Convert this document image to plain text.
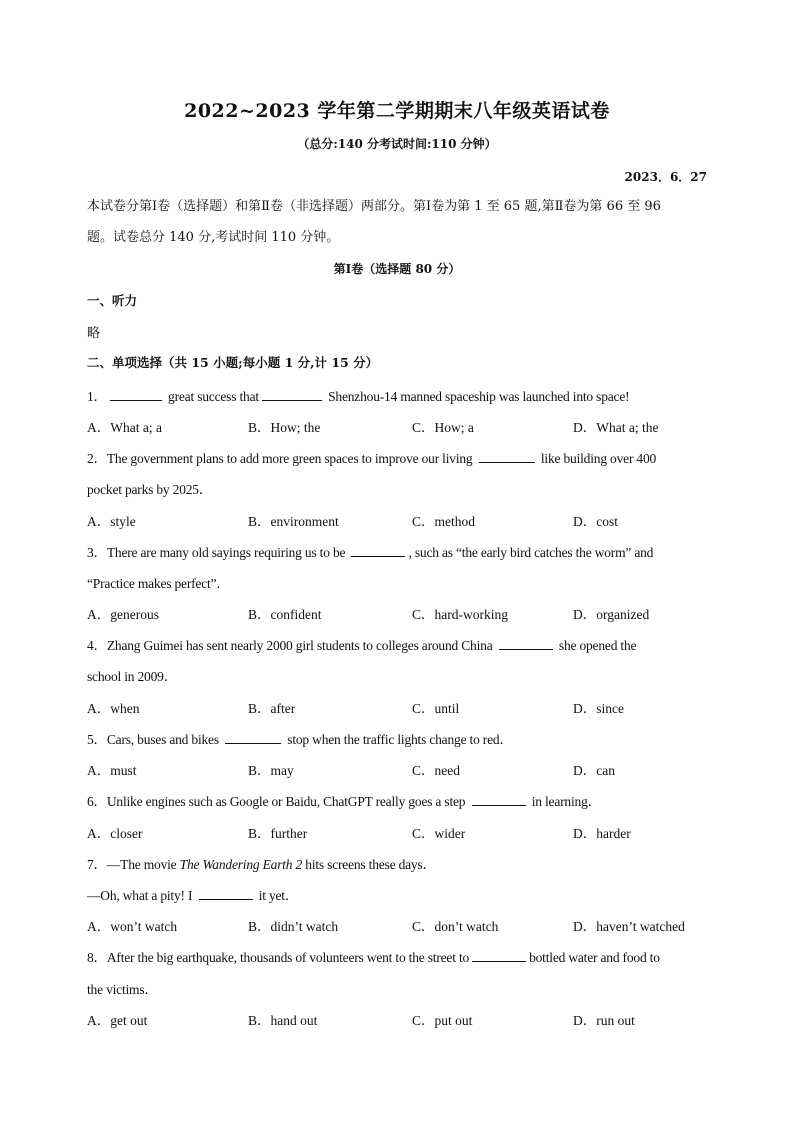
2022~2023 学年第二学期期末八年级英语试卷
（总分:140 分考试时间:110 分钟）
2023．6．27
本试卷分第Ⅰ卷（选择题）和第Ⅱ卷（非选择题）两部分。第Ⅰ卷为第 1 至 65 题,第Ⅱ卷为第 66 至 96
题。试卷总分 140 分,考试时间 110 分钟。
第Ⅰ卷（选择题 80 分）
一、听力
略
二、单项选择（共 15 小题;每小题 1 分,计 15 分）
1．	great success that	Shenzhou-14 manned spaceship was launched into space!
A．What a; a	B．How; the	C．How; a	D．What a; the
2．The government plans to add more green spaces to improve our living	like building over 400
pocket parks by 2025．
A．style	B．environment	C．method	D．cost
3．There are many old sayings requiring us to be	, such as “the early bird catches the worm” and
“Practice makes perfect”．
A．generous	B．confident	C．hard-working	D．organized
4．Zhang Guimei has sent nearly 2000 girl students to colleges around China	she opened the
school in 2009．
A．when	B．after	C．until	D．since
5．Cars, buses and bikes	stop when the traffic lights change to red．
A．must	B．may	C．need	D．can
6．Unlike engines such as Google or Baidu, ChatGPT really goes a step	in learning．
A．closer	B．further	C．wider	D．harder
7．—The movie The Wandering Earth 2 hits screens these days．
—Oh, what a pity! I	it yet．
A．won’t watch	B．didn’t watch	C．don’t watch	D．haven’t watched
8．After the big earthquake, thousands of volunteers went to the street to	bottled water and food to
the victims．
A．get out	B．hand out	C．put out	D．run out
